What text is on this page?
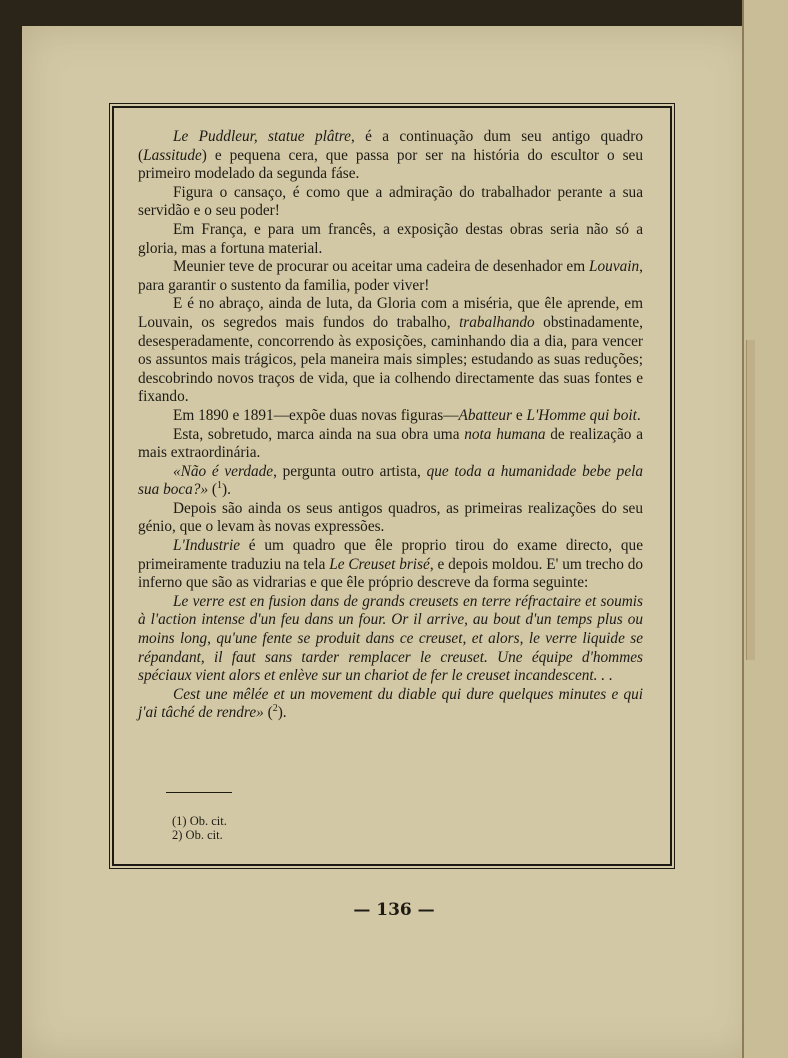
Le Puddleur, statue plâtre, é a continuação dum seu antigo quadro (Lassitude) e pequena cera, que passa por ser na história do escultor o seu primeiro modelado da segunda fáse.

Figura o cansaço, é como que a admiração do trabalhador perante a sua servidão e o seu poder!

Em França, e para um francês, a exposição destas obras seria não só a gloria, mas a fortuna material.

Meunier teve de procurar ou aceitar uma cadeira de desenhador em Louvain, para garantir o sustento da familia, poder viver!

E é no abraço, ainda de luta, da Gloria com a miséria, que êle aprende, em Louvain, os segredos mais fundos do trabalho, trabalhando obstinadamente, desesperadamente, concorrendo às exposições, caminhando dia a dia, para vencer os assuntos mais trágicos, pela maneira mais simples; estudando as suas reduções; descobrindo novos traços de vida, que ia colhendo directamente das suas fontes e fixando.

Em 1890 e 1891—expõe duas novas figuras—Abatteur e L'Homme qui boit.

Esta, sobretudo, marca ainda na sua obra uma nota humana de realização a mais extraordinária.

«Não é verdade, pergunta outro artista, que toda a humanidade bebe pela sua boca?» ($^1$).

Depois são ainda os seus antigos quadros, as primeiras realizações do seu génio, que o levam às novas expressões.

L'Industrie é um quadro que êle proprio tirou do exame directo, que primeiramente traduziu na tela Le Creuset brisé, e depois moldou. E' um trecho do inferno que são as vidrarias e que êle próprio descreve da forma seguinte:

Le verre est en fusion dans de grands creusets en terre réfractaire et soumis à l'action intense d'un feu dans un four. Or il arrive, au bout d'un temps plus ou moins long, qu'une fente se produit dans ce creuset, et alors, le verre liquide se répandant, il faut sans tarder remplacer le creuset. Une équipe d'hommes spéciaux vient alors et enlève sur un chariot de fer le creuset incandescent. . .

Cest une mêlée et un movement du diable qui dure quelques minutes e qui j'ai tâché de rendre» ($^2$).

(1) Ob. cit.
2) Ob. cit.
— 136 —
